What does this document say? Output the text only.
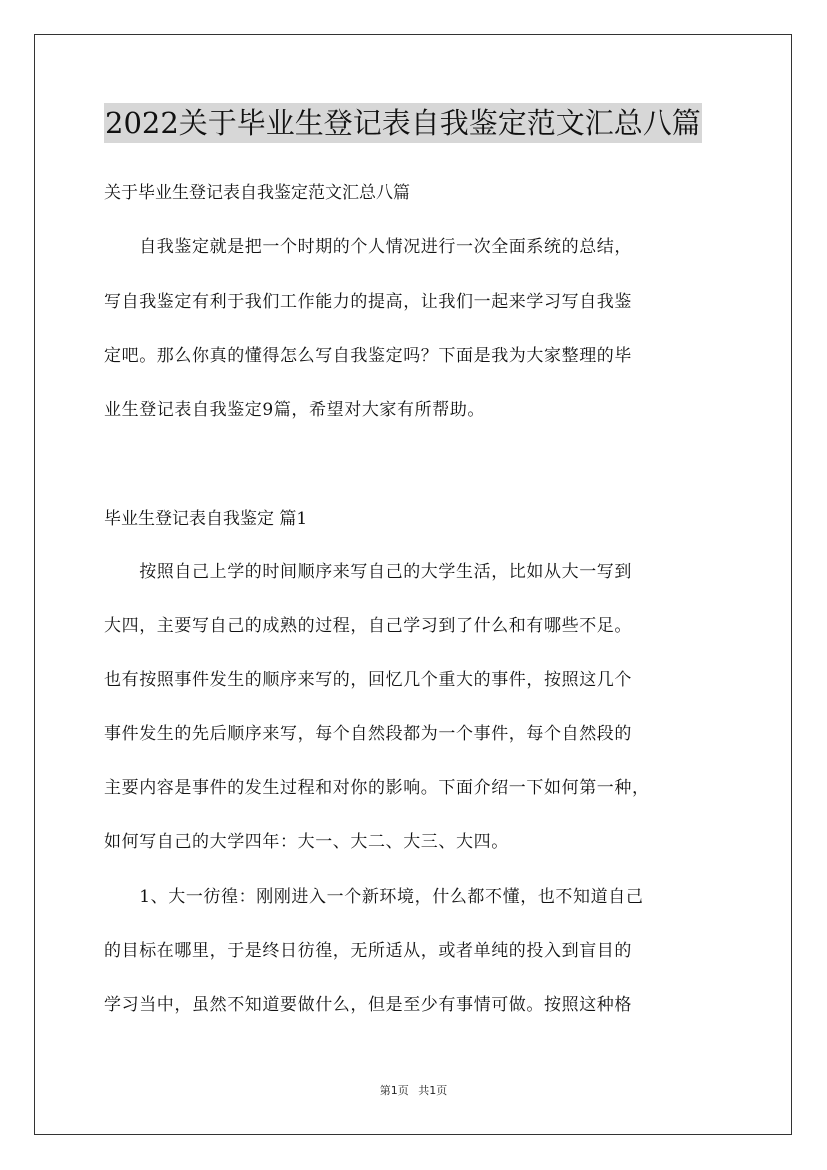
2022关于毕业生登记表自我鉴定范文汇总八篇
关于毕业生登记表自我鉴定范文汇总八篇
　　自我鉴定就是把一个时期的个人情况进行一次全面系统的总结，
写自我鉴定有利于我们工作能力的提高，让我们一起来学习写自我鉴
定吧。那么你真的懂得怎么写自我鉴定吗？下面是我为大家整理的毕
业生登记表自我鉴定9篇，希望对大家有所帮助。
毕业生登记表自我鉴定 篇1
　　按照自己上学的时间顺序来写自己的大学生活，比如从大一写到
大四，主要写自己的成熟的过程，自己学习到了什么和有哪些不足。
也有按照事件发生的顺序来写的，回忆几个重大的事件，按照这几个
事件发生的先后顺序来写，每个自然段都为一个事件，每个自然段的
主要内容是事件的发生过程和对你的影响。下面介绍一下如何第一种，
如何写自己的大学四年：大一、大二、大三、大四。
　　1、大一彷徨：刚刚进入一个新环境，什么都不懂，也不知道自己
的目标在哪里，于是终日彷徨，无所适从，或者单纯的投入到盲目的
学习当中，虽然不知道要做什么，但是至少有事情可做。按照这种格
第1页 共1页
